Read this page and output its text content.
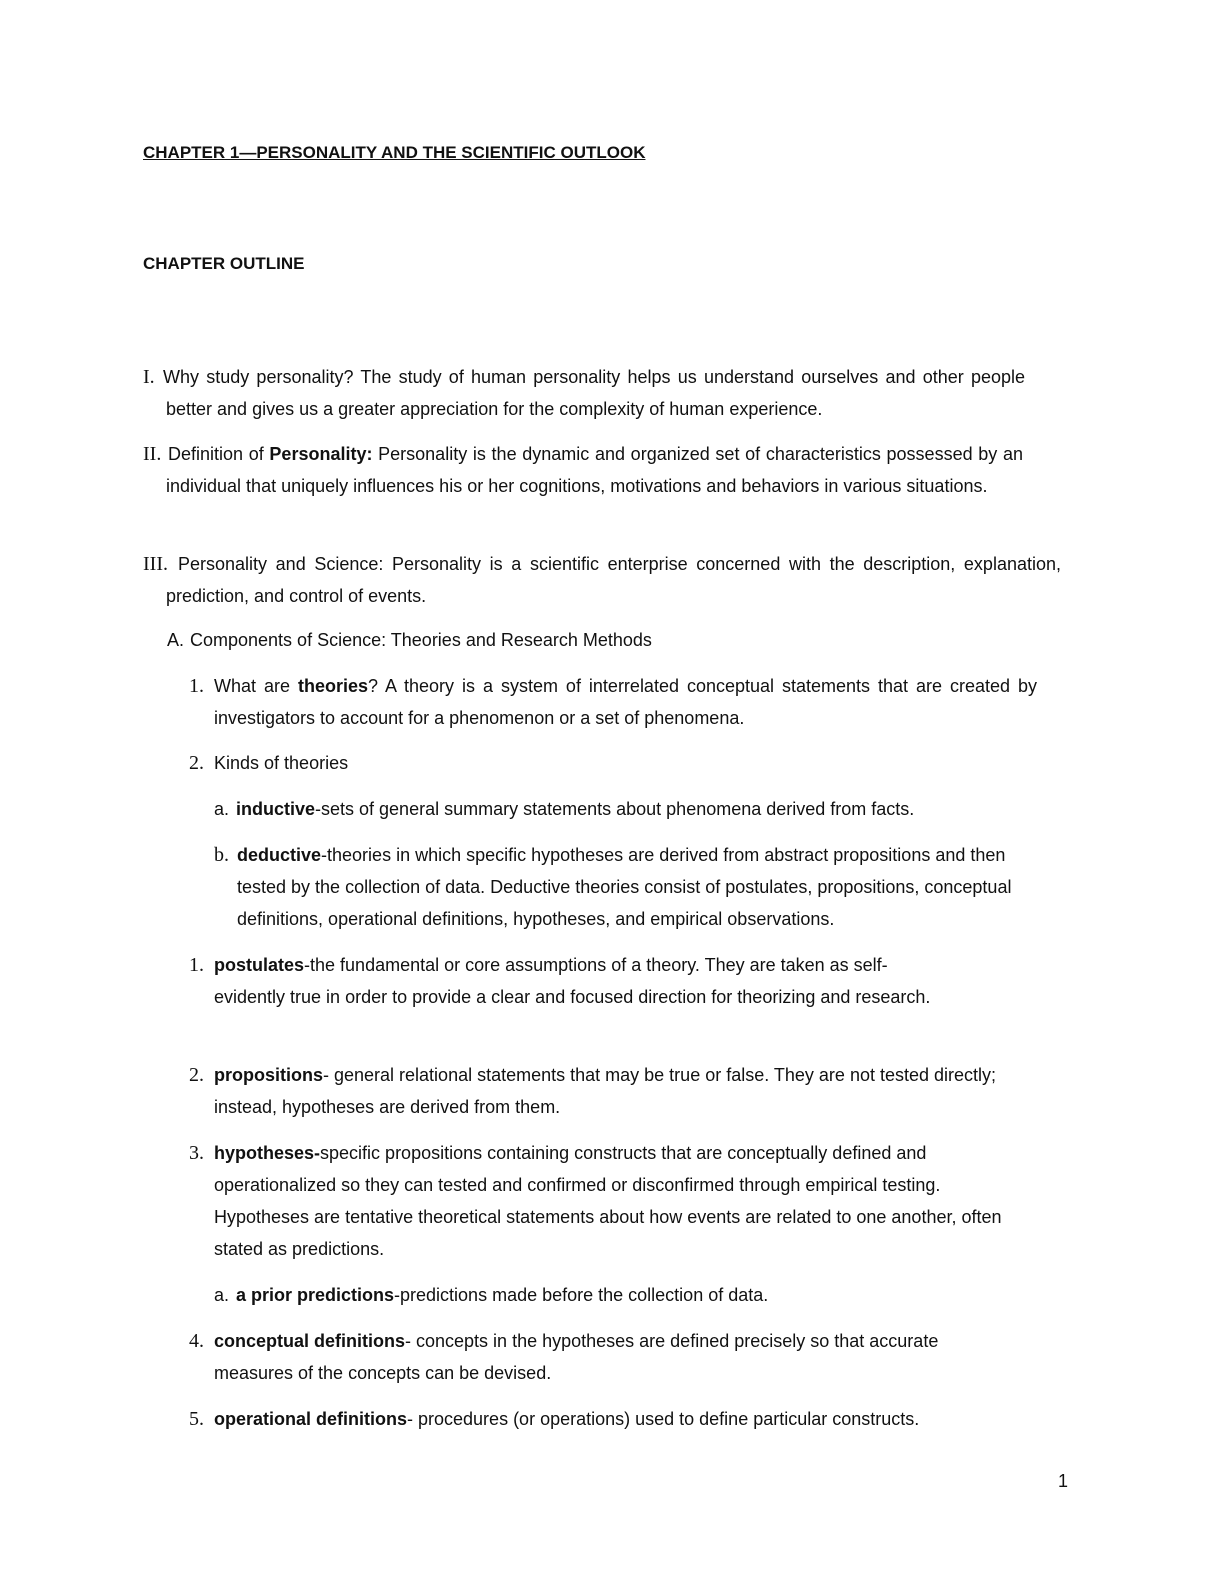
CHAPTER 1—PERSONALITY AND THE SCIENTIFIC OUTLOOK
CHAPTER OUTLINE
I. Why study personality? The study of human personality helps us understand ourselves and other people better and gives us a greater appreciation for the complexity of human experience.
II. Definition of Personality: Personality is the dynamic and organized set of characteristics possessed by an individual that uniquely influences his or her cognitions, motivations and behaviors in various situations.
III. Personality and Science: Personality is a scientific enterprise concerned with the description, explanation, prediction, and control of events.
A. Components of Science: Theories and Research Methods
1. What are theories? A theory is a system of interrelated conceptual statements that are created by investigators to account for a phenomenon or a set of phenomena.
2. Kinds of theories
a. inductive-sets of general summary statements about phenomena derived from facts.
b. deductive-theories in which specific hypotheses are derived from abstract propositions and then tested by the collection of data. Deductive theories consist of postulates, propositions, conceptual definitions, operational definitions, hypotheses, and empirical observations.
1. postulates-the fundamental or core assumptions of a theory. They are taken as self-evidently true in order to provide a clear and focused direction for theorizing and research.
2. propositions- general relational statements that may be true or false. They are not tested directly; instead, hypotheses are derived from them.
3. hypotheses-specific propositions containing constructs that are conceptually defined and operationalized so they can tested and confirmed or disconfirmed through empirical testing. Hypotheses are tentative theoretical statements about how events are related to one another, often stated as predictions.
a. a prior predictions-predictions made before the collection of data.
4. conceptual definitions- concepts in the hypotheses are defined precisely so that accurate measures of the concepts can be devised.
5. operational definitions- procedures (or operations) used to define particular constructs.
1
